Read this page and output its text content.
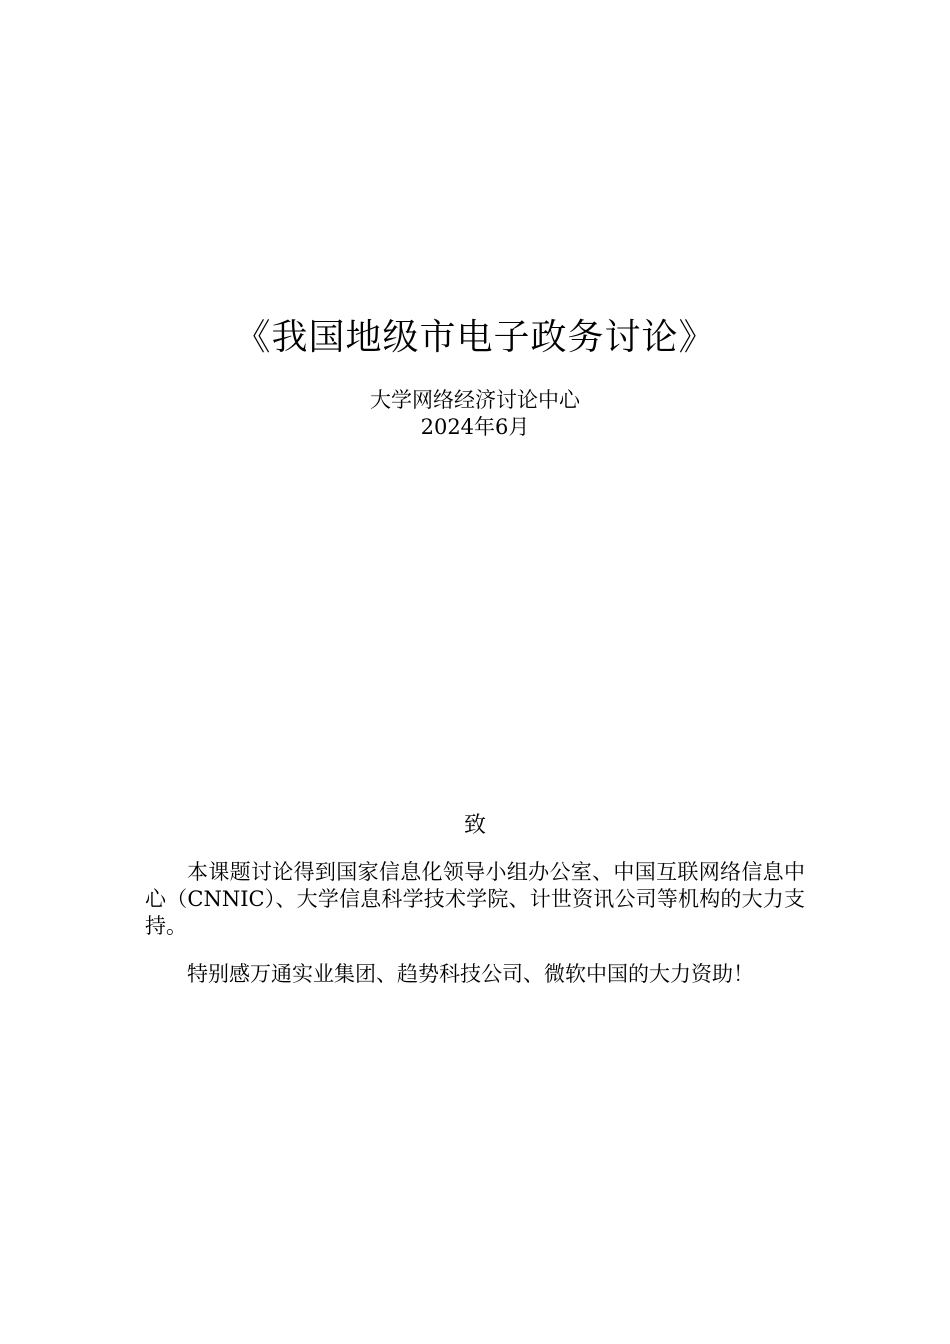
《我国地级市电子政务讨论》
大学网络经济讨论中心
2024年6月
致

本课题讨论得到国家信息化领导小组办公室、中国互联网络信息中心（CNNIC）、大学信息科学技术学院、计世资讯公司等机构的大力支持。

特别感万通实业集团、趋势科技公司、微软中国的大力资助！
